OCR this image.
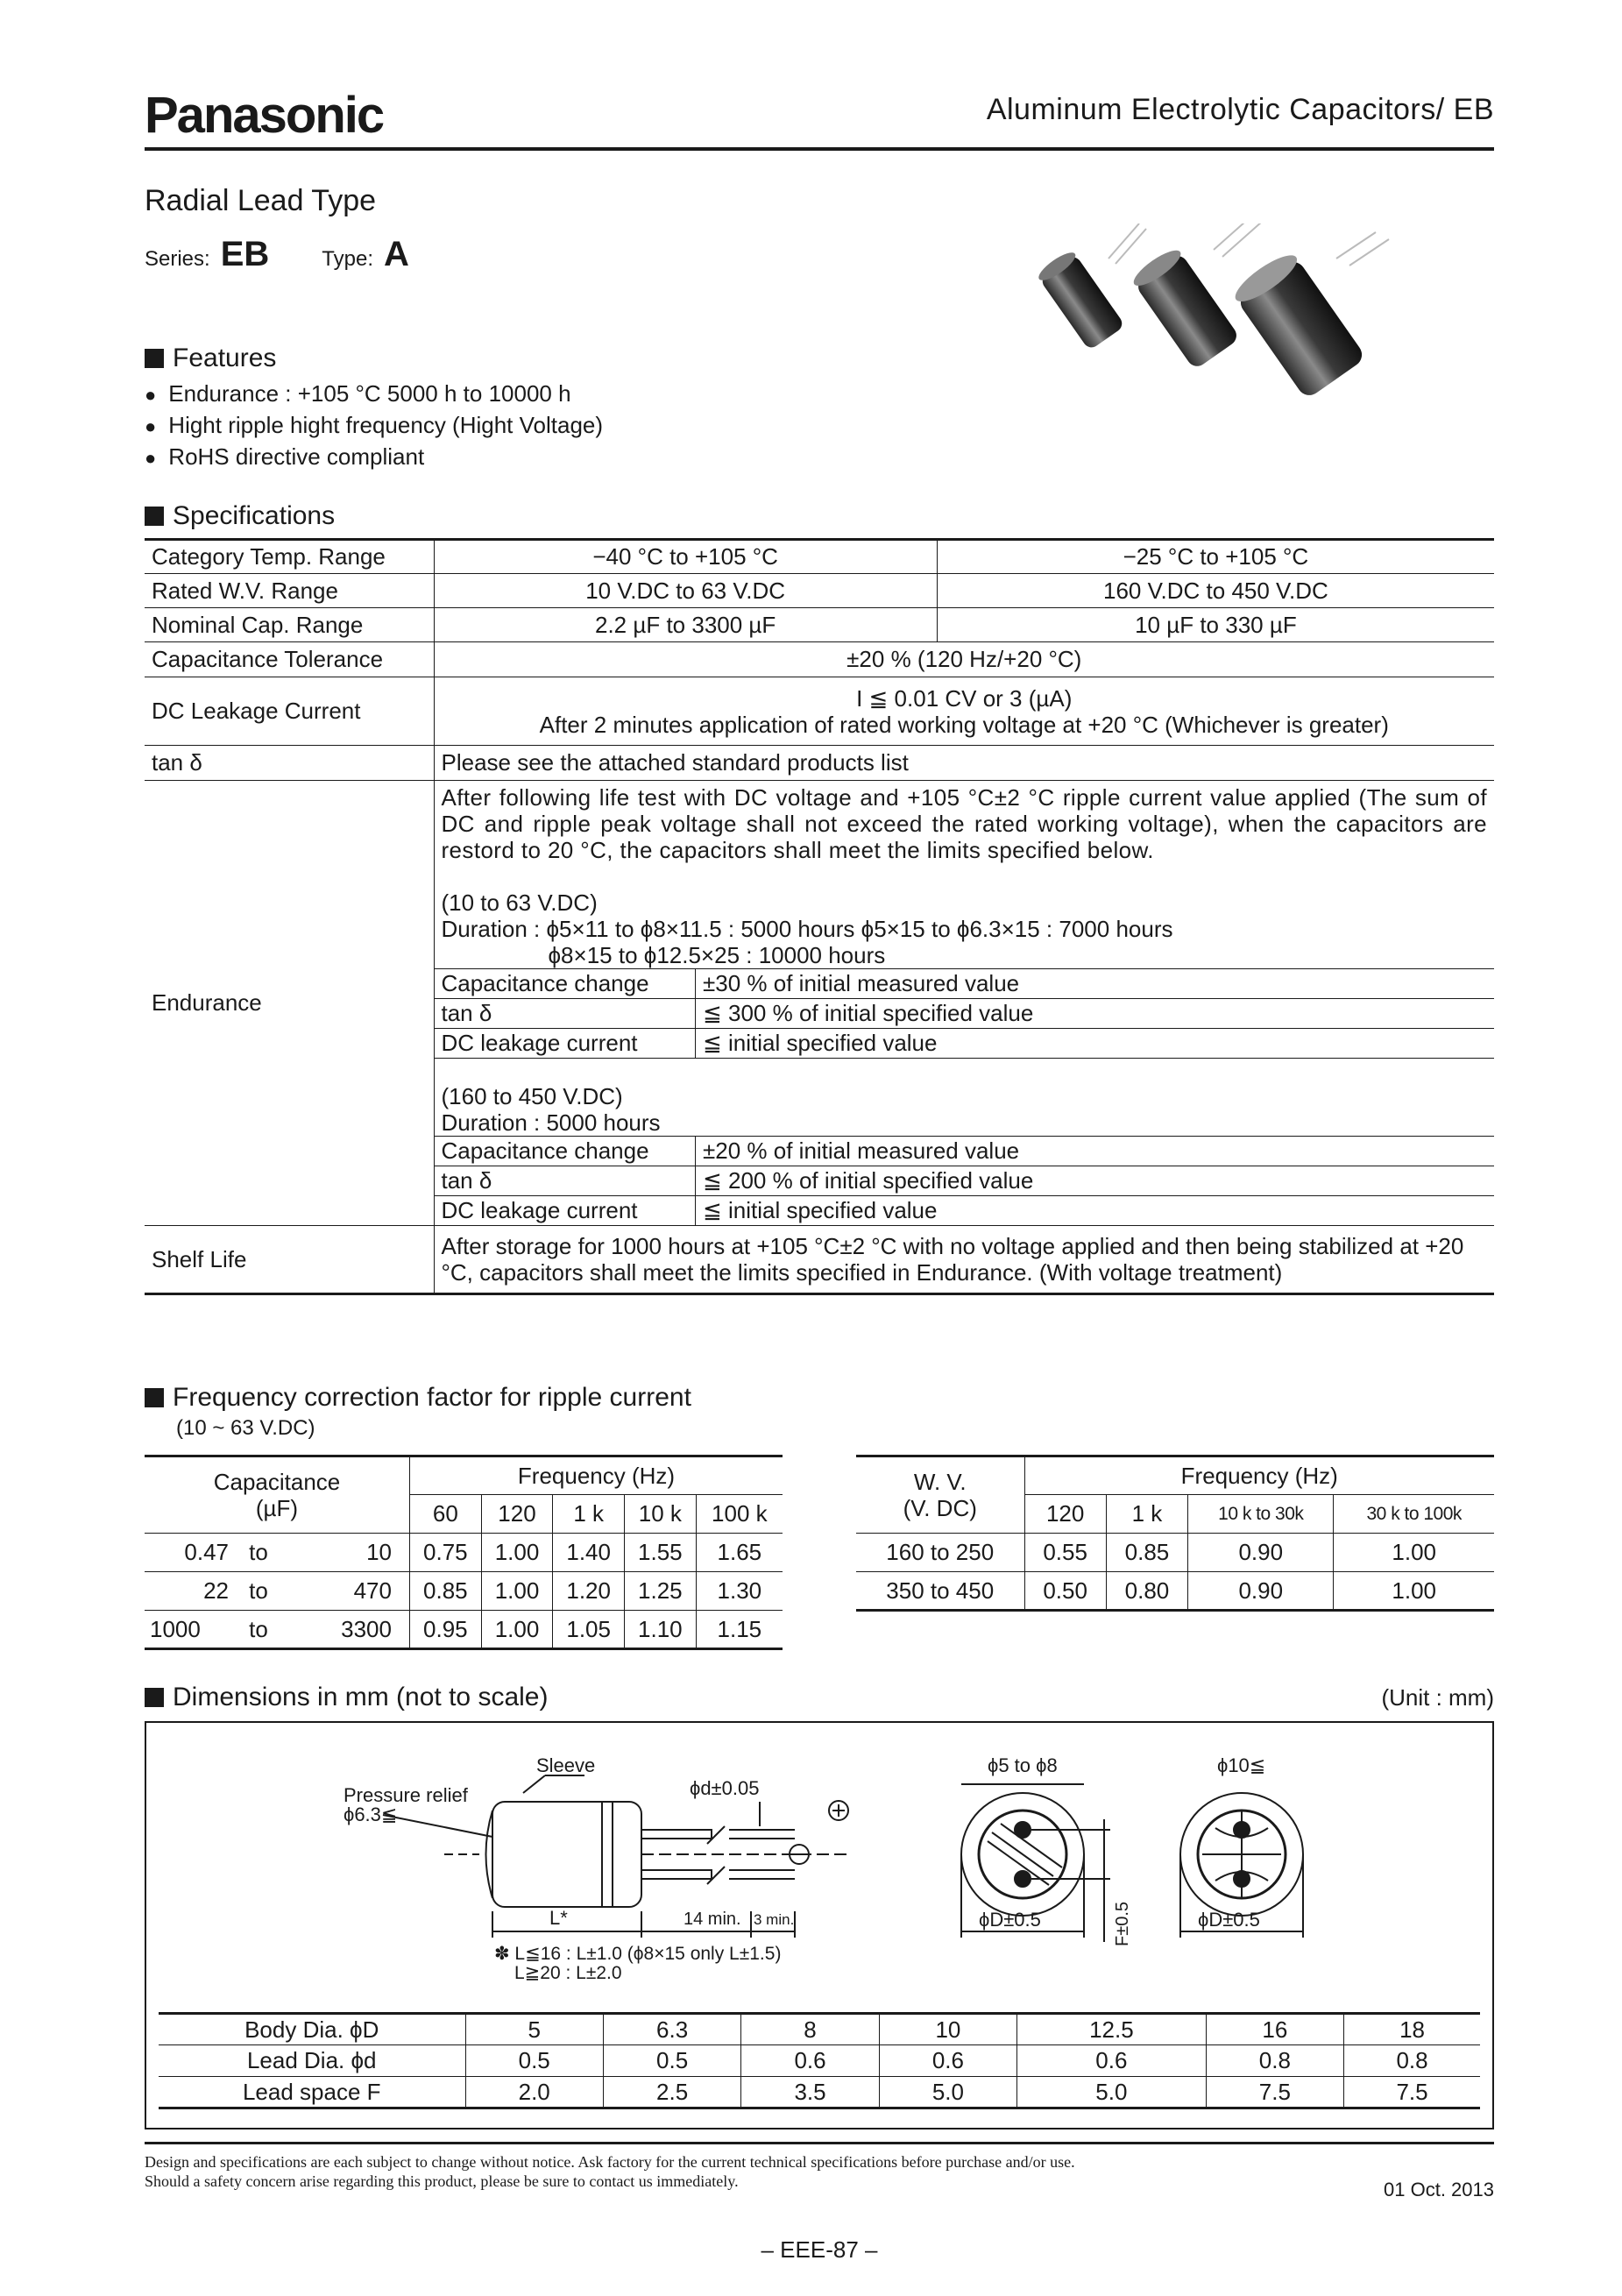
Panasonic	Aluminum Electrolytic Capacitors/ EB
Radial Lead Type
Series: EB	Type: A
Features
● Endurance : +105 °C 5000 h to 10000 h
● Hight ripple hight frequency (Hight Voltage)
● RoHS directive compliant
Specifications
Category Temp. Range	−40 °C to +105 °C	−25 °C to +105 °C
Rated W.V. Range	10 V.DC to 63 V.DC	160 V.DC to 450 V.DC
Nominal Cap. Range	2.2 µF to 3300 µF	10 µF to 330 µF
Capacitance Tolerance	±20 % (120 Hz/+20 °C)
DC Leakage Current	I ≦ 0.01 CV or 3 (µA)
After 2 minutes application of rated working voltage at +20 °C (Whichever is greater)

tan δ	Please see the attached standard products list
Endurance	
After following life test with DC voltage and +105 °C±2 °C ripple current value applied (The sum of DC and ripple peak voltage shall not exceed the rated working voltage), when the capacitors are restord to 20 °C, the capacitors shall meet the limits specified below.
(10 to 63 V.DC)
Duration : ϕ5×11 to ϕ8×11.5 : 5000 hours ϕ5×15 to ϕ6.3×15 : 7000 hours
ϕ8×15 to ϕ12.5×25 : 10000 hours
Capacitance change	±30 % of initial measured value
tan δ	≦ 300 % of initial specified value
DC leakage current	≦ initial specified value
(160 to 450 V.DC)
Duration : 5000 hours
Capacitance change	±20 % of initial measured value
tan δ	≦ 200 % of initial specified value
DC leakage current	≦ initial specified value

Shelf Life	After storage for 1000 hours at +105 °C±2 °C with no voltage applied and then being stabilized at +20 °C, capacitors shall meet the limits specified in Endurance. (With voltage treatment)
Frequency correction factor for ripple current
(10 ~ 63 V.DC)
Capacitance
(µF)			Frequency (Hz)				
			60	120	1 k	10 k	100 k
0.47	to	10	0.75	1.00	1.40	1.55	1.65
22	to	470	0.85	1.00	1.20	1.25	1.30
1000	to	3300	0.95	1.00	1.05	1.10	1.15
W. V.
(V. DC)	Frequency (Hz)			
	120	1 k	10 k to 30k	30 k to 100k
160 to 250	0.55	0.85	0.90	1.00
350 to 450	0.50	0.80	0.90	1.00
Dimensions in mm (not to scale)	(Unit : mm)
Sleeve
Pressure relief
ϕ6.3≦
ϕd±0.05
L*	14 min. 3 min.
✽ L≦16 : L±1.0 (ϕ8×15 only L±1.5)
L≧20 : L±2.0
ϕ5 to ϕ8
ϕD±0.5	F±0.5
ϕ10≦
ϕD±0.5
Body Dia. ϕD	5	6.3	8	10	12.5	16	18
Lead Dia. ϕd	0.5	0.5	0.6	0.6	0.6	0.8	0.8
Lead space F	2.0	2.5	3.5	5.0	5.0	7.5	7.5
Design and specifications are each subject to change without notice. Ask factory for the current technical specifications before purchase and/or use.
Should a safety concern arise regarding this product, please be sure to contact us immediately.	01 Oct. 2013
– EEE-87 –
